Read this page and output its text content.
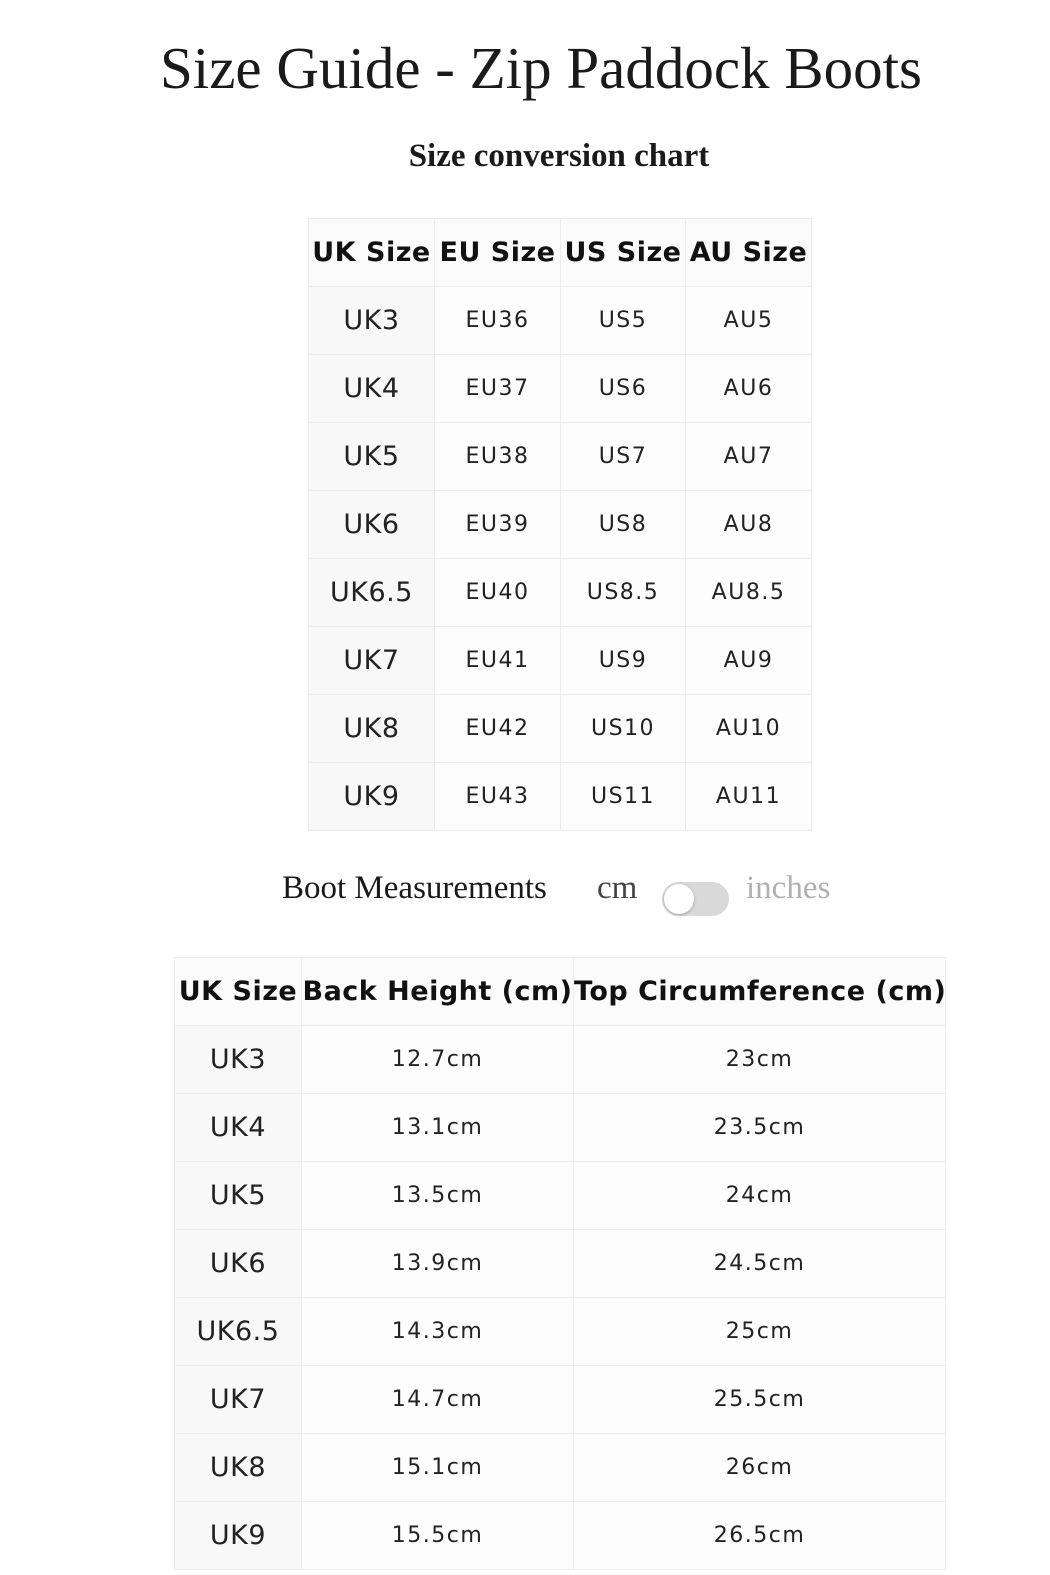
Size Guide - Zip Paddock Boots
Size conversion chart
UK Size	EU Size	US Size	AU Size
UK3	EU36	US5	AU5
UK4	EU37	US6	AU6
UK5	EU38	US7	AU7
UK6	EU39	US8	AU8
UK6.5	EU40	US8.5	AU8.5
UK7	EU41	US9	AU9
UK8	EU42	US10	AU10
UK9	EU43	US11	AU11
Boot Measurements cm	inches
UK Size	Back Height (cm)	Top Circumference (cm)
UK3	12.7cm	23cm
UK4	13.1cm	23.5cm
UK5	13.5cm	24cm
UK6	13.9cm	24.5cm
UK6.5	14.3cm	25cm
UK7	14.7cm	25.5cm
UK8	15.1cm	26cm
UK9	15.5cm	26.5cm
